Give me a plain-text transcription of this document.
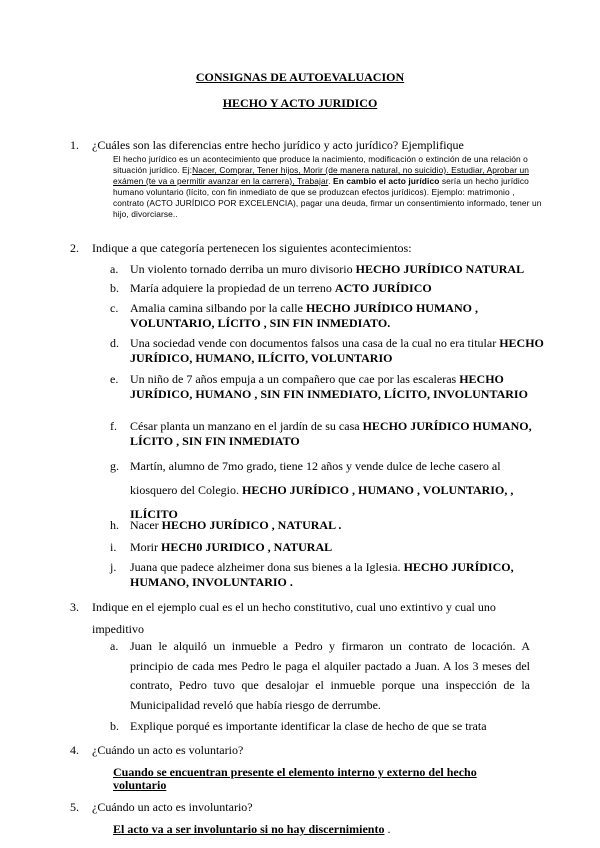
CONSIGNAS DE AUTOEVALUACION
HECHO Y ACTO JURIDICO
1. ¿Cuáles son las diferencias entre hecho jurídico y acto jurídico? Ejemplifique
El hecho jurídico es un acontecimiento que produce la nacimiento, modificación o extinción de una relación o situación jurídico. Ej:Nacer, Comprar, Tener hijos, Morir (de manera natural, no suicidio). Estudiar, Aprobar un exámen (te va a permitir avanzar en la carrera), Trabajar. En cambio el acto jurídico sería un hecho jurídico humano voluntario (lícito, con fin inmediato de que se produzcan efectos jurídicos). Ejemplo: matrimonio , contrato (ACTO JURÍDICO POR EXCELENCIA), pagar una deuda, firmar un consentimiento informado, tener un hijo, divorciarse..
2. Indique a que categoría pertenecen los siguientes acontecimientos:
a. Un violento tornado derriba un muro divisorio HECHO JURÍDICO NATURAL
b. María adquiere la propiedad de un terreno ACTO JURÍDICO
c. Amalia camina silbando por la calle HECHO JURÍDICO HUMANO , VOLUNTARIO, LÍCITO , SIN FIN INMEDIATO.
d. Una sociedad vende con documentos falsos una casa de la cual no era titular HECHO JURÍDICO, HUMANO, ILÍCITO, VOLUNTARIO
e. Un niño de 7 años empuja a un compañero que cae por las escaleras HECHO JURÍDICO, HUMANO , SIN FIN INMEDIATO, LÍCITO, INVOLUNTARIO
f. César planta un manzano en el jardín de su casa HECHO JURÍDICO HUMANO, LÍCITO , SIN FIN INMEDIATO
g. Martín, alumno de 7mo grado, tiene 12 años y vende dulce de leche casero al kiosquero del Colegio. HECHO JURÍDICO , HUMANO , VOLUNTARIO, , ILÍCITO
h. Nacer HECHO JURÍDICO , NATURAL .
i. Morir HECH0 JURIDICO , NATURAL
j. Juana que padece alzheimer dona sus bienes a la Iglesia. HECHO JURÍDICO, HUMANO, INVOLUNTARIO .
3. Indique en el ejemplo cual es el un hecho constitutivo, cual uno extintivo y cual uno
impeditivo
a. Juan le alquiló un inmueble a Pedro y firmaron un contrato de locación. A principio de cada mes Pedro le paga el alquiler pactado a Juan. A los 3 meses del contrato, Pedro tuvo que desalojar el inmueble porque una inspección de la Municipalidad reveló que había riesgo de derrumbe.
b. Explique porqué es importante identificar la clase de hecho de que se trata
4. ¿Cuándo un acto es voluntario?
Cuando se encuentran presente el elemento interno y externo del hecho voluntario
5. ¿Cuándo un acto es involuntario?
El acto va a ser involuntario si no hay discernimiento .
